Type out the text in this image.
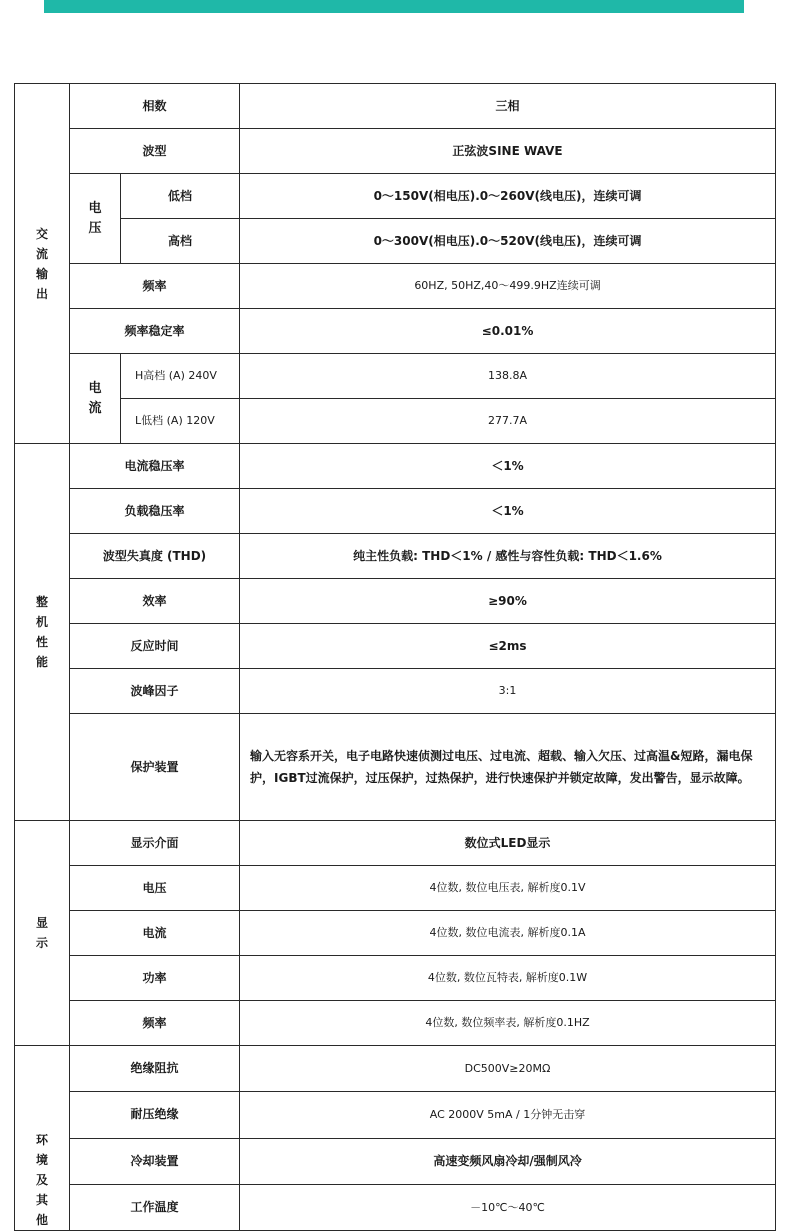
交流输出	相数		三相
	波型		正弦波SINE WAVE
	电压	低档	0～150V(相电压).0～260V(线电压)，连续可调
		高档	0～300V(相电压).0～520V(线电压)，连续可调
	频率		60HZ, 50HZ,40～499.9HZ连续可调
	频率稳定率		≤0.01%
	电流	H高档 (A) 240V	138.8A
		L低档 (A) 120V	277.7A
整机性能	电流稳压率		＜1%
	负载稳压率		＜1%
	波型失真度 (THD)		纯主性负载: THD＜1% / 感性与容性负载: THD＜1.6%
	效率		≥90%
	反应时间		≤2ms
	波峰因子		3:1
	保护装置		输入无容系开关，电子电路快速侦测过电压、过电流、超载、输入欠压、过高温&短路，漏电保护，IGBT过流保护，过压保护，过热保护，进行快速保护并锁定故障，发出警告，显示故障。
显示	显示介面		数位式LED显示
	电压		4位数, 数位电压表, 解析度0.1V
	电流		4位数, 数位电流表, 解析度0.1A
	功率		4位数, 数位瓦特表, 解析度0.1W
	频率		4位数, 数位频率表, 解析度0.1HZ
环境及其他	绝缘阻抗		DC500V≥20MΩ
	耐压绝缘		AC 2000V 5mA / 1分钟无击穿
	冷却装置		高速变频风扇冷却/强制风冷
	工作温度		－10℃～40℃
